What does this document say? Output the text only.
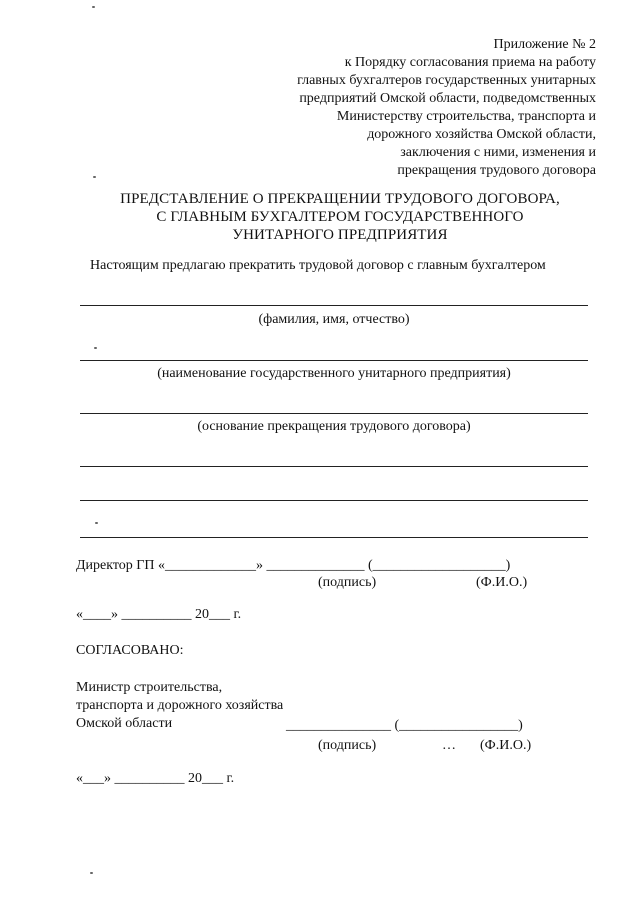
Приложение № 2
к Порядку согласования приема на работу
главных бухгалтеров государственных унитарных
предприятий Омской области, подведомственных
Министерству строительства, транспорта и
дорожного хозяйства Омской области,
заключения с ними, изменения и
прекращения трудового договора
ПРЕДСТАВЛЕНИЕ О ПРЕКРАЩЕНИИ ТРУДОВОГО ДОГОВОРА,
С ГЛАВНЫМ БУХГАЛТЕРОМ ГОСУДАРСТВЕННОГО
УНИТАРНОГО ПРЕДПРИЯТИЯ
Настоящим предлагаю прекратить трудовой договор с главным бухгалтером
(фамилия, имя, отчество)
(наименование государственного унитарного предприятия)
(основание прекращения трудового договора)
Директор ГП «_____________» ______________ (___________________)
(подпись)	(Ф.И.О.)
«____» __________ 20___ г.
СОГЛАСОВАНО:
Министр строительства,
транспорта и дорожного хозяйства
Омской области	_______________ (_________________)
(подпись)	… (Ф.И.О.)
«___» __________ 20___ г.
